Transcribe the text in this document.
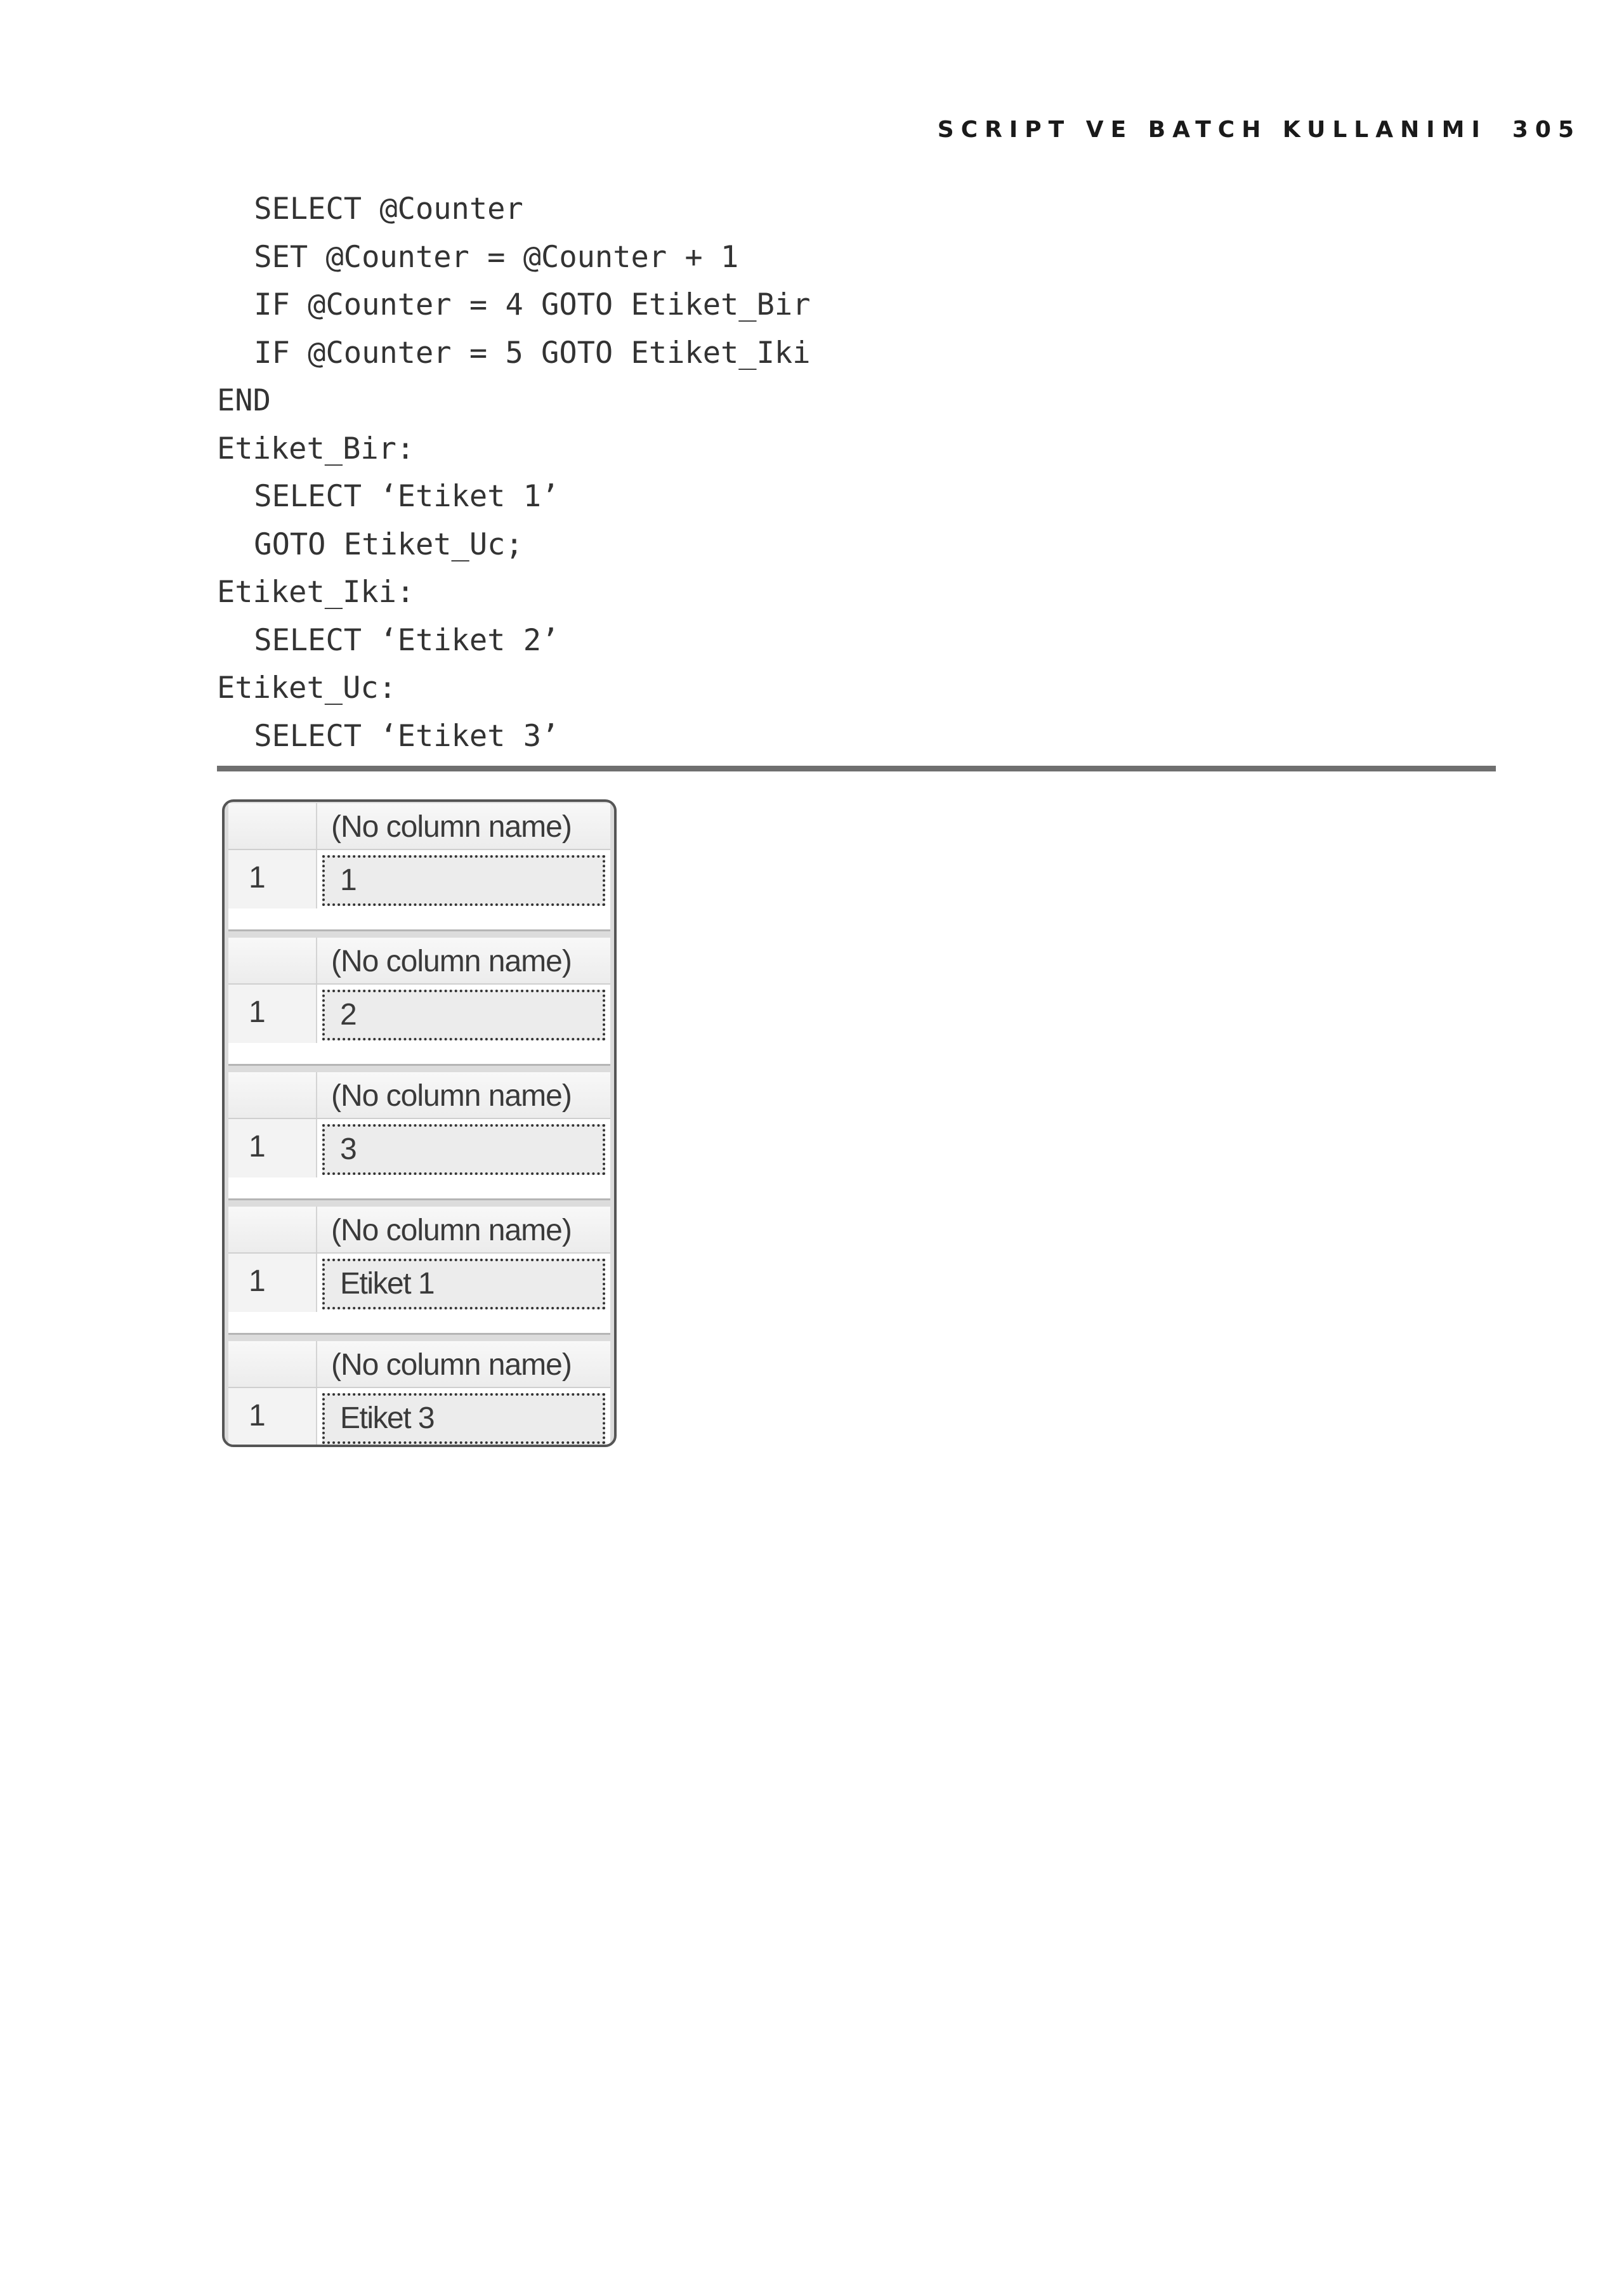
SCRIPT VE BATCH KULLANIMI 305
SELECT @Counter
SET @Counter = @Counter + 1
IF @Counter = 4 GOTO Etiket_Bir
IF @Counter = 5 GOTO Etiket_Iki
END
Etiket_Bir:
SELECT ‘Etiket 1’
GOTO Etiket_Uc;
Etiket_Iki:
SELECT ‘Etiket 2’
Etiket_Uc:
SELECT ‘Etiket 3’
(No column name)
1 1
(No column name)
1 2
(No column name)
1 3
(No column name)
1 Etiket 1
(No column name)
1 Etiket 3
